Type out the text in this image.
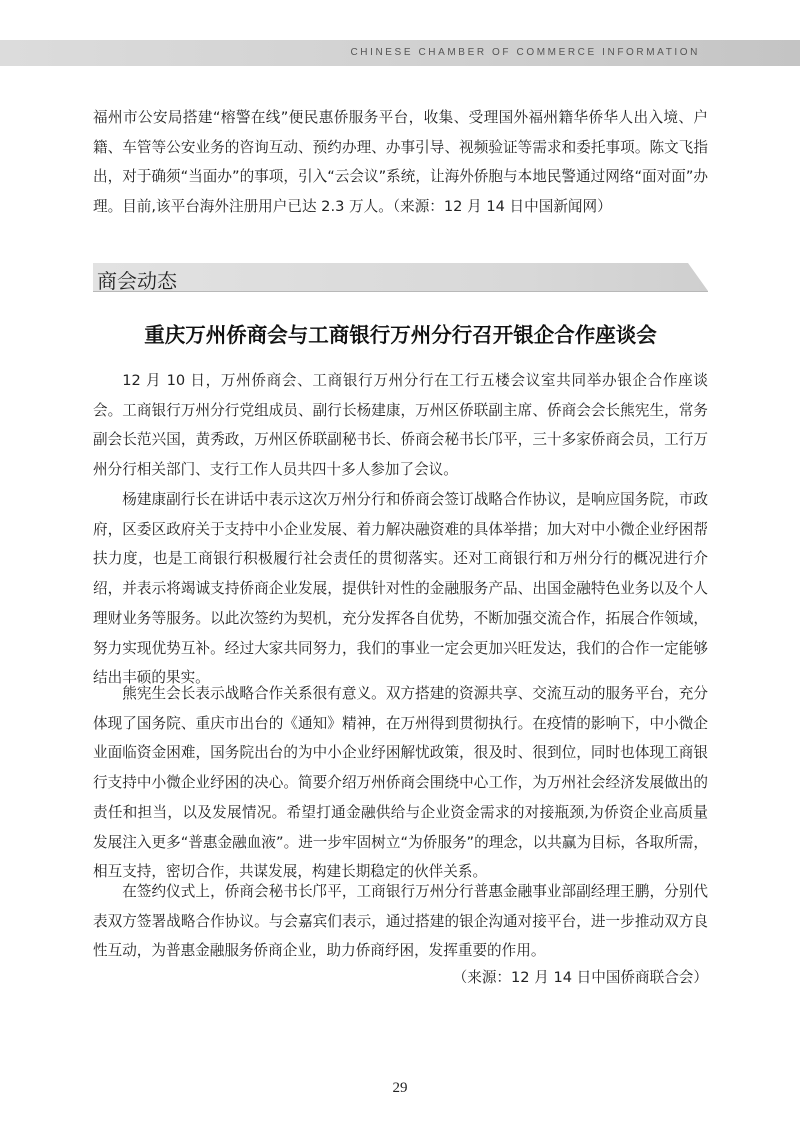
CHINESE CHAMBER OF COMMERCE INFORMATION

福州市公安局搭建“榕警在线”便民惠侨服务平台，收集、受理国外福州籍华侨华人出入境、户籍、车管等公安业务的咨询互动、预约办理、办事引导、视频验证等需求和委托事项。陈文飞指出，对于确须“当面办”的事项，引入“云会议”系统，让海外侨胞与本地民警通过网络“面对面”办理。目前,该平台海外注册用户已达 2.3 万人。（来源：12 月 14 日中国新闻网）

商会动态
重庆万州侨商会与工商银行万州分行召开银企合作座谈会

12 月 10 日，万州侨商会、工商银行万州分行在工行五楼会议室共同举办银企合作座谈会。工商银行万州分行党组成员、副行长杨建康，万州区侨联副主席、侨商会会长熊宪生，常务副会长范兴国，黄秀政，万州区侨联副秘书长、侨商会秘书长邝平，三十多家侨商会员，工行万州分行相关部门、支行工作人员共四十多人参加了会议。

杨建康副行长在讲话中表示这次万州分行和侨商会签订战略合作协议，是响应国务院，市政府，区委区政府关于支持中小企业发展、着力解决融资难的具体举措；加大对中小微企业纾困帮扶力度，也是工商银行积极履行社会责任的贯彻落实。还对工商银行和万州分行的概况进行介绍，并表示将竭诚支持侨商企业发展，提供针对性的金融服务产品、出国金融特色业务以及个人理财业务等服务。以此次签约为契机，充分发挥各自优势，不断加强交流合作，拓展合作领域，努力实现优势互补。经过大家共同努力，我们的事业一定会更加兴旺发达，我们的合作一定能够结出丰硕的果实。

熊宪生会长表示战略合作关系很有意义。双方搭建的资源共享、交流互动的服务平台，充分体现了国务院、重庆市出台的《通知》精神，在万州得到贯彻执行。在疫情的影响下，中小微企业面临资金困难，国务院出台的为中小企业纾困解忧政策，很及时、很到位，同时也体现工商银行支持中小微企业纾困的决心。简要介绍万州侨商会围绕中心工作，为万州社会经济发展做出的责任和担当，以及发展情况。希望打通金融供给与企业资金需求的对接瓶颈,为侨资企业高质量发展注入更多“普惠金融血液”。进一步牢固树立“为侨服务”的理念，以共赢为目标，各取所需，相互支持，密切合作，共谋发展，构建长期稳定的伙伴关系。

在签约仪式上，侨商会秘书长邝平，工商银行万州分行普惠金融事业部副经理王鹏，分别代表双方签署战略合作协议。与会嘉宾们表示，通过搭建的银企沟通对接平台，进一步推动双方良性互动，为普惠金融服务侨商企业，助力侨商纾困，发挥重要的作用。

（来源：12 月 14 日中国侨商联合会）
29
